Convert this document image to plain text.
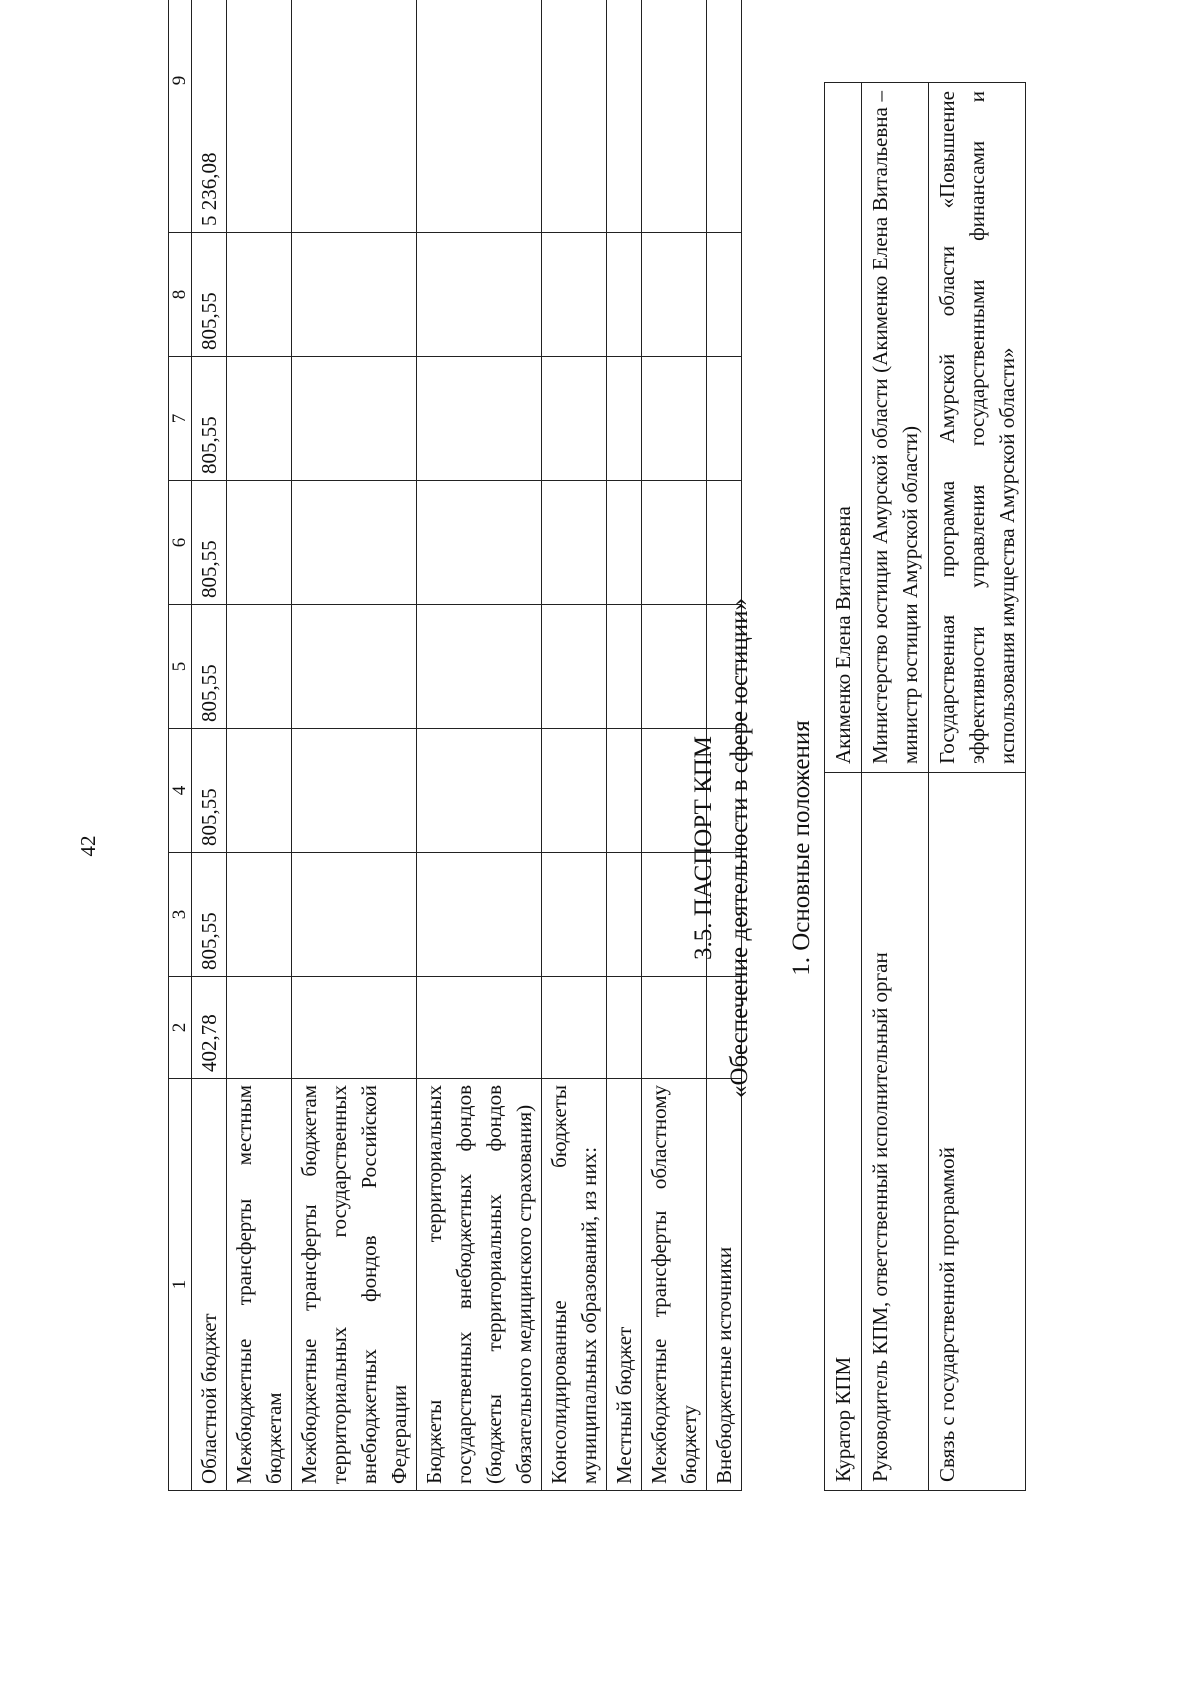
42
1	2	3	4	5	6	7	8	9
Областной бюджет	402,78	805,55	805,55	805,55	805,55	805,55	805,55	5 236,08
Межбюджетные трансферты местным бюджетам								
Межбюджетные трансферты бюджетам территориальных государственных внебюджетных фондов Российской Федерации								
Бюджеты территориальных государственных внебюджетных фондов (бюджеты территориальных фондов обязательного медицинского страхования)								
Консолидированные бюджеты муниципальных образований, из них:								
Местный бюджет								
Межбюджетные трансферты областному бюджету								
Внебюджетные источники								
3.5. ПАСПОРТ КПМ «Обеспечение деятельности в сфере юстиции» 1. Основные положения
Куратор КПМ	Акименко Елена Витальевна
Руководитель КПМ, ответственный исполнительный орган	Министерство юстиции Амурской области (Акименко Елена Витальевна – министр юстиции Амурской области)
Связь с государственной программой	Государственная программа Амурской области «Повышение эффективности управления государственными финансами и использования имущества Амурской области»
